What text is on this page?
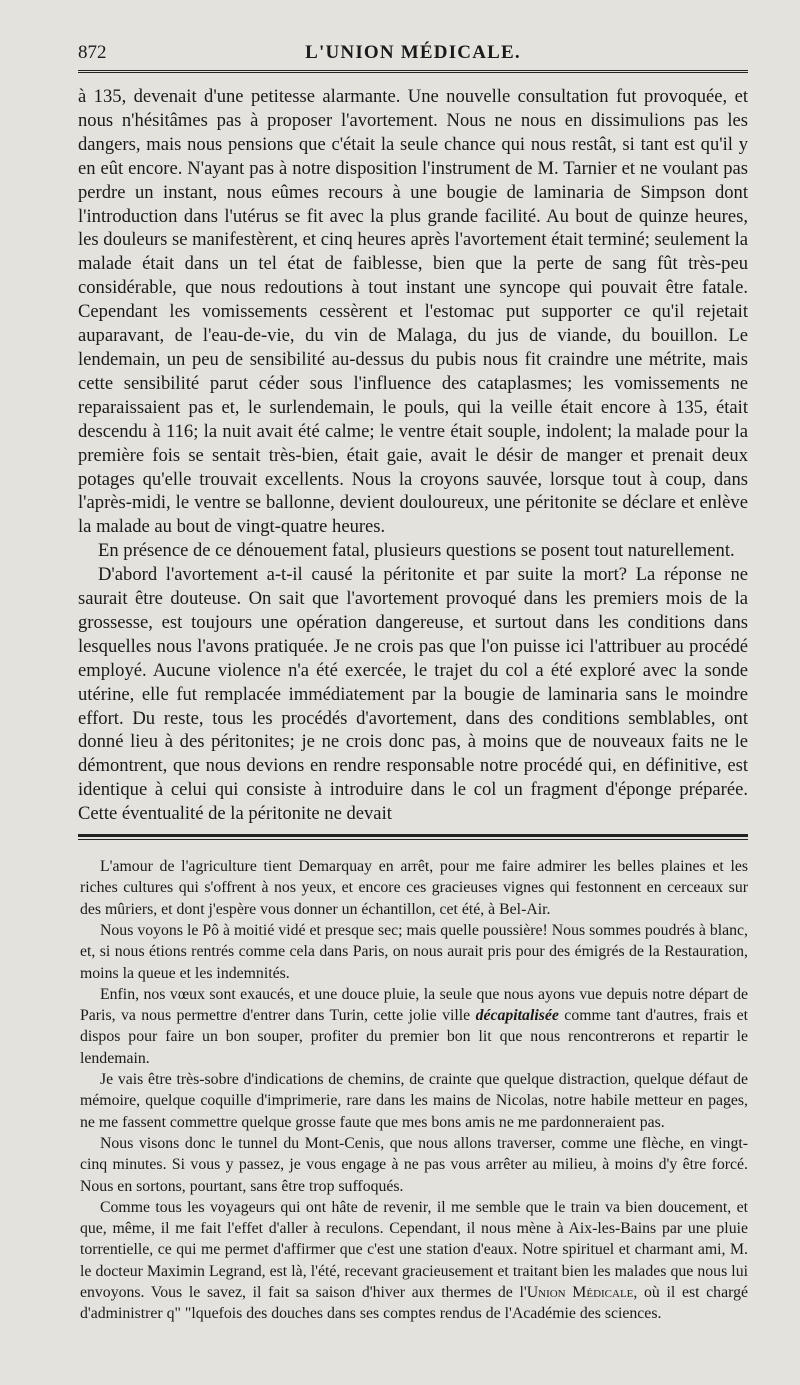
872	L'UNION MÉDICALE.

à 135, devenait d'une petitesse alarmante. Une nouvelle consultation fut provoquée, et nous n'hésitâmes pas à proposer l'avortement. Nous ne nous en dissimulions pas les dangers, mais nous pensions que c'était la seule chance qui nous restât, si tant est qu'il y en eût encore. N'ayant pas à notre disposition l'instrument de M. Tarnier et ne voulant pas perdre un instant, nous eûmes recours à une bougie de laminaria de Simpson dont l'introduction dans l'utérus se fit avec la plus grande facilité. Au bout de quinze heures, les douleurs se manifestèrent, et cinq heures après l'avortement était terminé; seulement la malade était dans un tel état de faiblesse, bien que la perte de sang fût très-peu considérable, que nous redoutions à tout instant une syncope qui pouvait être fatale. Cependant les vomissements cessèrent et l'estomac put supporter ce qu'il rejetait auparavant, de l'eau-de-vie, du vin de Malaga, du jus de viande, du bouillon. Le lendemain, un peu de sensibilité au-dessus du pubis nous fit craindre une métrite, mais cette sensibilité parut céder sous l'influence des cataplasmes; les vomissements ne reparaissaient pas et, le surlendemain, le pouls, qui la veille était encore à 135, était descendu à 116; la nuit avait été calme; le ventre était souple, indolent; la malade pour la première fois se sentait très-bien, était gaie, avait le désir de manger et prenait deux potages qu'elle trouvait excellents. Nous la croyons sauvée, lorsque tout à coup, dans l'après-midi, le ventre se ballonne, devient douloureux, une péritonite se déclare et enlève la malade au bout de vingt-quatre heures.

En présence de ce dénouement fatal, plusieurs questions se posent tout naturellement.

D'abord l'avortement a-t-il causé la péritonite et par suite la mort? La réponse ne saurait être douteuse. On sait que l'avortement provoqué dans les premiers mois de la grossesse, est toujours une opération dangereuse, et surtout dans les conditions dans lesquelles nous l'avons pratiquée. Je ne crois pas que l'on puisse ici l'attribuer au procédé employé. Aucune violence n'a été exercée, le trajet du col a été exploré avec la sonde utérine, elle fut remplacée immédiatement par la bougie de laminaria sans le moindre effort. Du reste, tous les procédés d'avortement, dans des conditions semblables, ont donné lieu à des péritonites; je ne crois donc pas, à moins que de nouveaux faits ne le démontrent, que nous devions en rendre responsable notre procédé qui, en définitive, est identique à celui qui consiste à introduire dans le col un fragment d'éponge préparée. Cette éventualité de la péritonite ne devait

L'amour de l'agriculture tient Demarquay en arrêt, pour me faire admirer les belles plaines et les riches cultures qui s'offrent à nos yeux, et encore ces gracieuses vignes qui festonnent en cerceaux sur des mûriers, et dont j'espère vous donner un échantillon, cet été, à Bel-Air.

Nous voyons le Pô à moitié vidé et presque sec; mais quelle poussière! Nous sommes poudrés à blanc, et, si nous étions rentrés comme cela dans Paris, on nous aurait pris pour des émigrés de la Restauration, moins la queue et les indemnités.

Enfin, nos vœux sont exaucés, et une douce pluie, la seule que nous ayons vue depuis notre départ de Paris, va nous permettre d'entrer dans Turin, cette jolie ville décapitalisée comme tant d'autres, frais et dispos pour faire un bon souper, profiter du premier bon lit que nous rencontrerons et repartir le lendemain.

Je vais être très-sobre d'indications de chemins, de crainte que quelque distraction, quelque défaut de mémoire, quelque coquille d'imprimerie, rare dans les mains de Nicolas, notre habile metteur en pages, ne me fassent commettre quelque grosse faute que mes bons amis ne me pardonneraient pas.

Nous visons donc le tunnel du Mont-Cenis, que nous allons traverser, comme une flèche, en vingt-cinq minutes. Si vous y passez, je vous engage à ne pas vous arrêter au milieu, à moins d'y être forcé. Nous en sortons, pourtant, sans être trop suffoqués.

Comme tous les voyageurs qui ont hâte de revenir, il me semble que le train va bien doucement, et que, même, il me fait l'effet d'aller à reculons. Cependant, il nous mène à Aix-les-Bains par une pluie torrentielle, ce qui me permet d'affirmer que c'est une station d'eaux. Notre spirituel et charmant ami, M. le docteur Maximin Legrand, est là, l'été, recevant gracieusement et traitant bien les malades que nous lui envoyons. Vous le savez, il fait sa saison d'hiver aux thermes de l'Union Médicale, où il est chargé d'administrer q" "lquefois des douches dans ses comptes rendus de l'Académie des sciences.
